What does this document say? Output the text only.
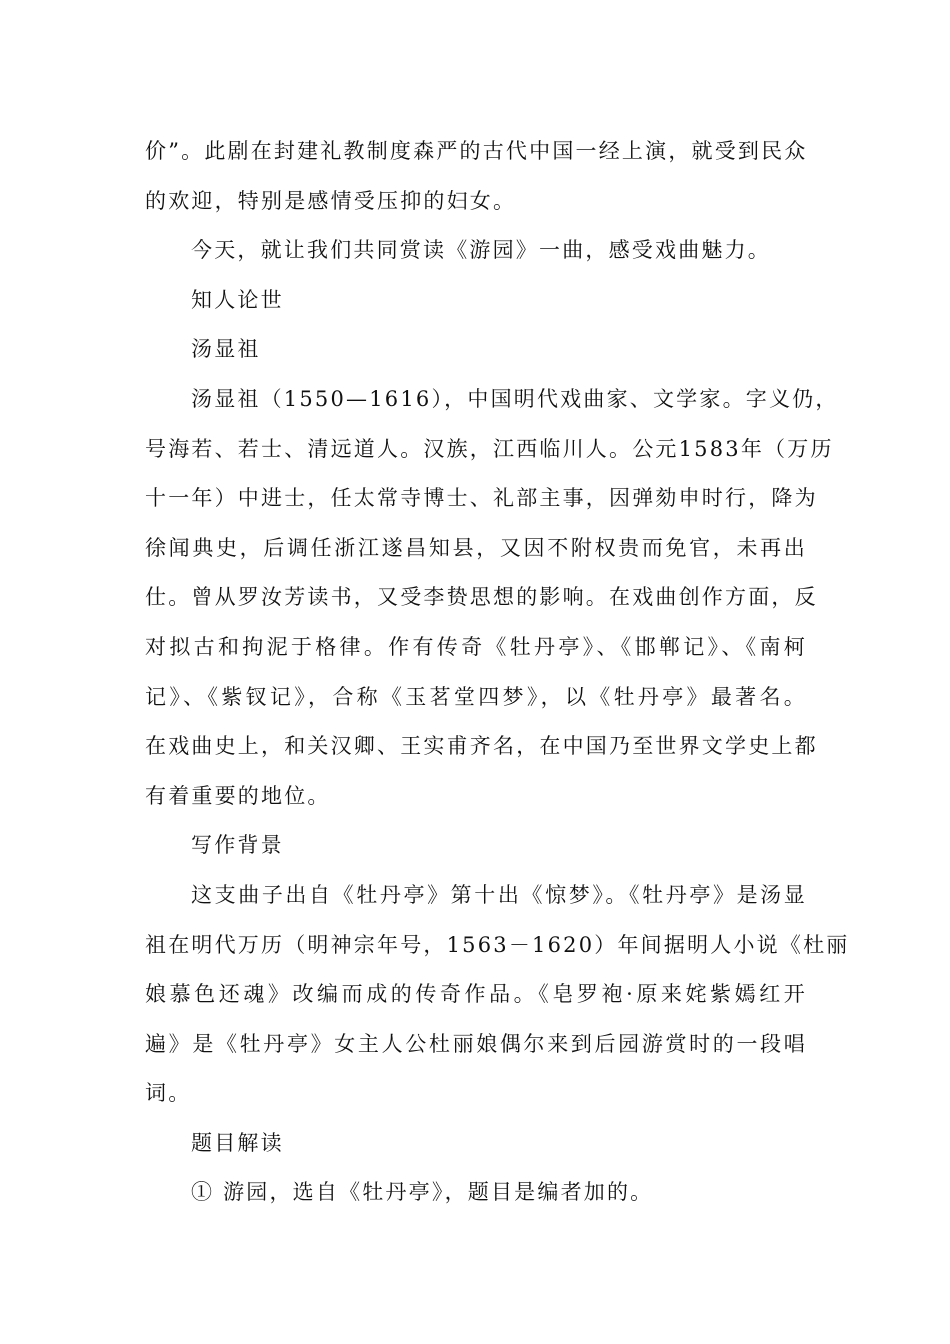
价”。此剧在封建礼教制度森严的古代中国一经上演，就受到民众
的欢迎，特别是感情受压抑的妇女。
今天，就让我们共同赏读《游园》一曲，感受戏曲魅力。
知人论世
汤显祖
汤显祖（1550—1616），中国明代戏曲家、文学家。字义仍，
号海若、若士、清远道人。汉族，江西临川人。公元1583年（万历
十一年）中进士，任太常寺博士、礼部主事，因弹劾申时行，降为
徐闻典史，后调任浙江遂昌知县，又因不附权贵而免官，未再出
仕。曾从罗汝芳读书，又受李贽思想的影响。在戏曲创作方面，反
对拟古和拘泥于格律。作有传奇《牡丹亭》、《邯郸记》、《南柯
记》、《紫钗记》，合称《玉茗堂四梦》，以《牡丹亭》最著名。
在戏曲史上，和关汉卿、王实甫齐名，在中国乃至世界文学史上都
有着重要的地位。
写作背景
这支曲子出自《牡丹亭》第十出《惊梦》。《牡丹亭》是汤显
祖在明代万历（明神宗年号，1563－1620）年间据明人小说《杜丽
娘慕色还魂》改编而成的传奇作品。《皂罗袍·原来姹紫嫣红开
遍》是《牡丹亭》女主人公杜丽娘偶尔来到后园游赏时的一段唱
词。
题目解读
① 游园，选自《牡丹亭》，题目是编者加的。
